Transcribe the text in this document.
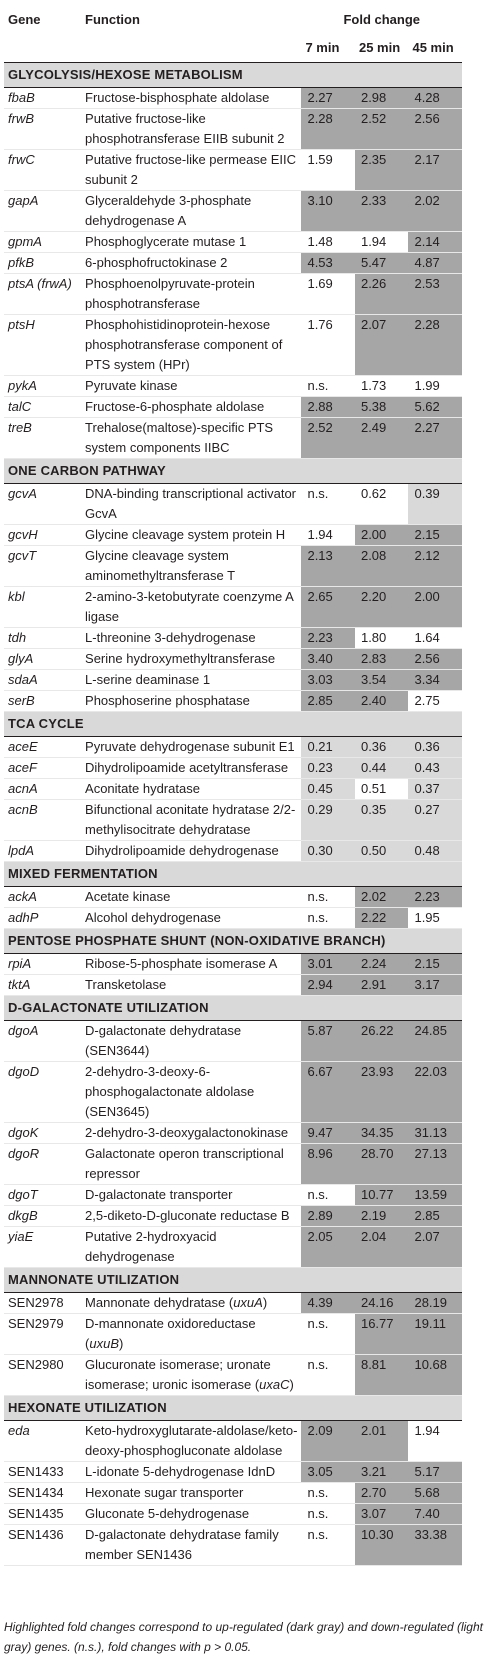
Gene	Function	Fold change		
		7 min	25 min	45 min
GLYCOLYSIS/HEXOSE METABOLISM				
fbaB	Fructose-bisphosphate aldolase	2.27	2.98	4.28
frwB	Putative fructose-like phosphotransferase EIIB subunit 2	2.28	2.52	2.56
frwC	Putative fructose-like permease EIIC subunit 2	1.59	2.35	2.17
gapA	Glyceraldehyde 3-phosphate dehydrogenase A	3.10	2.33	2.02
gpmA	Phosphoglycerate mutase 1	1.48	1.94	2.14
pfkB	6-phosphofructokinase 2	4.53	5.47	4.87
ptsA (frwA)	Phosphoenolpyruvate-protein phosphotransferase	1.69	2.26	2.53
ptsH	Phosphohistidinoprotein-hexose phosphotransferase component of PTS system (HPr)	1.76	2.07	2.28
pykA	Pyruvate kinase	n.s.	1.73	1.99
talC	Fructose-6-phosphate aldolase	2.88	5.38	5.62
treB	Trehalose(maltose)-specific PTS system components IIBC	2.52	2.49	2.27
ONE CARBON PATHWAY				
gcvA	DNA-binding transcriptional activator GcvA	n.s.	0.62	0.39
gcvH	Glycine cleavage system protein H	1.94	2.00	2.15
gcvT	Glycine cleavage system aminomethyltransferase T	2.13	2.08	2.12
kbl	2-amino-3-ketobutyrate coenzyme A ligase	2.65	2.20	2.00
tdh	L-threonine 3-dehydrogenase	2.23	1.80	1.64
glyA	Serine hydroxymethyltransferase	3.40	2.83	2.56
sdaA	L-serine deaminase 1	3.03	3.54	3.34
serB	Phosphoserine phosphatase	2.85	2.40	2.75
TCA CYCLE				
aceE	Pyruvate dehydrogenase subunit E1	0.21	0.36	0.36
aceF	Dihydrolipoamide acetyltransferase	0.23	0.44	0.43
acnA	Aconitate hydratase	0.45	0.51	0.37
acnB	Bifunctional aconitate hydratase 2/2-methylisocitrate dehydratase	0.29	0.35	0.27
lpdA	Dihydrolipoamide dehydrogenase	0.30	0.50	0.48
MIXED FERMENTATION				
ackA	Acetate kinase	n.s.	2.02	2.23
adhP	Alcohol dehydrogenase	n.s.	2.22	1.95
PENTOSE PHOSPHATE SHUNT (NON-OXIDATIVE BRANCH)				
rpiA	Ribose-5-phosphate isomerase A	3.01	2.24	2.15
tktA	Transketolase	2.94	2.91	3.17
D-GALACTONATE UTILIZATION				
dgoA	D-galactonate dehydratase (SEN3644)	5.87	26.22	24.85
dgoD	2-dehydro-3-deoxy-6-phosphogalactonate aldolase (SEN3645)	6.67	23.93	22.03
dgoK	2-dehydro-3-deoxygalactonokinase	9.47	34.35	31.13
dgoR	Galactonate operon transcriptional repressor	8.96	28.70	27.13
dgoT	D-galactonate transporter	n.s.	10.77	13.59
dkgB	2,5-diketo-D-gluconate reductase B	2.89	2.19	2.85
yiaE	Putative 2-hydroxyacid dehydrogenase	2.05	2.04	2.07
MANNONATE UTILIZATION				
SEN2978	Mannonate dehydratase (uxuA)	4.39	24.16	28.19
SEN2979	D-mannonate oxidoreductase (uxuB)	n.s.	16.77	19.11
SEN2980	Glucuronate isomerase; uronate isomerase; uronic isomerase (uxaC)	n.s.	8.81	10.68
HEXONATE UTILIZATION				
eda	Keto-hydroxyglutarate-aldolase/keto-deoxy-phosphogluconate aldolase	2.09	2.01	1.94
SEN1433	L-idonate 5-dehydrogenase IdnD	3.05	3.21	5.17
SEN1434	Hexonate sugar transporter	n.s.	2.70	5.68
SEN1435	Gluconate 5-dehydrogenase	n.s.	3.07	7.40
SEN1436	D-galactonate dehydratase family member SEN1436	n.s.	10.30	33.38

Highlighted fold changes correspond to up-regulated (dark gray) and down-regulated (light gray) genes. (n.s.), fold changes with p > 0.05.
